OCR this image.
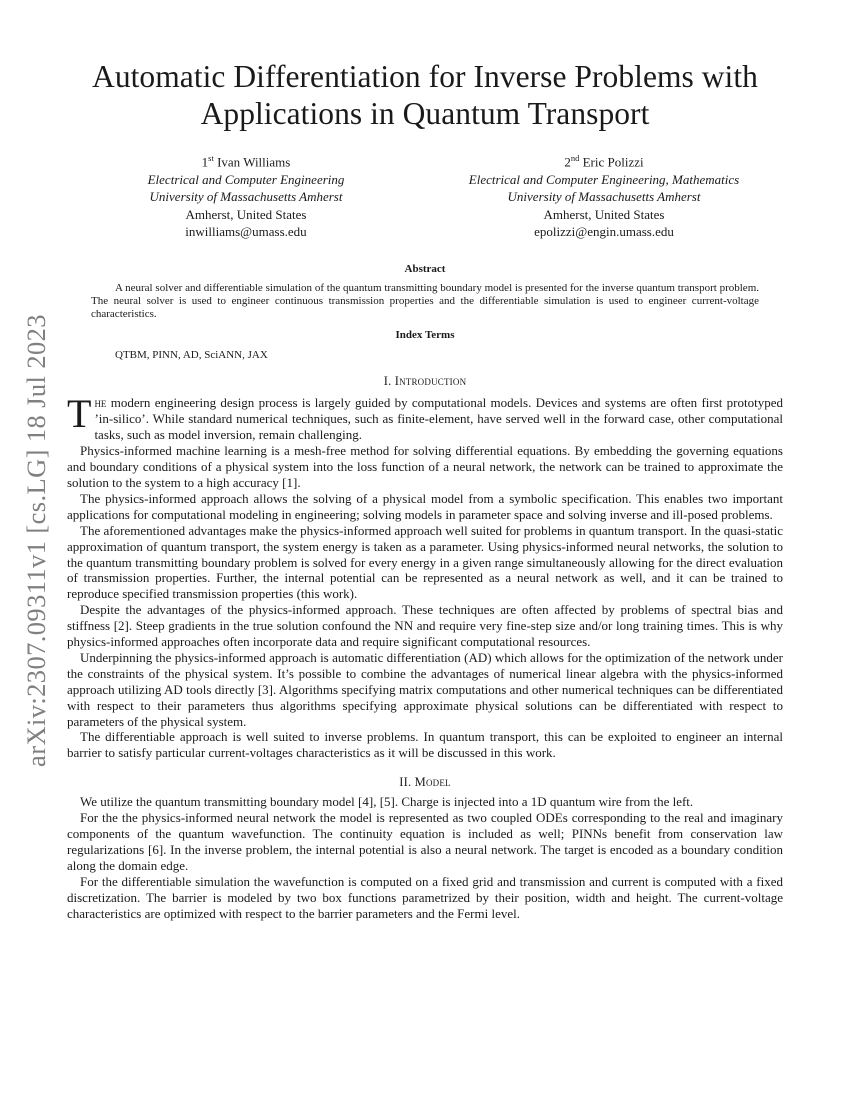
arXiv:2307.09311v1 [cs.LG] 18 Jul 2023
Automatic Differentiation for Inverse Problems with
Applications in Quantum Transport
1st Ivan Williams
Electrical and Computer Engineering
University of Massachusetts Amherst
Amherst, United States
inwilliams@umass.edu
2nd Eric Polizzi
Electrical and Computer Engineering, Mathematics
University of Massachusetts Amherst
Amherst, United States
epolizzi@engin.umass.edu
Abstract

A neural solver and differentiable simulation of the quantum transmitting boundary model is presented for the inverse quantum transport problem. The neural solver is used to engineer continuous transmission properties and the differentiable simulation is used to engineer current-voltage characteristics.

Index Terms
QTBM, PINN, AD, SciANN, JAX
I. Introduction

The modern engineering design process is largely guided by computational models. Devices and systems are often first prototyped ’in-silico’. While standard numerical techniques, such as finite-element, have served well in the forward case, other computational tasks, such as model inversion, remain challenging.

Physics-informed machine learning is a mesh-free method for solving differential equations. By embedding the governing equations and boundary conditions of a physical system into the loss function of a neural network, the network can be trained to approximate the solution to the system to a high accuracy [1].

The physics-informed approach allows the solving of a physical model from a symbolic specification. This enables two important applications for computational modeling in engineering; solving models in parameter space and solving inverse and ill-posed problems.

The aforementioned advantages make the physics-informed approach well suited for problems in quantum transport. In the quasi-static approximation of quantum transport, the system energy is taken as a parameter. Using physics-informed neural networks, the solution to the quantum transmitting boundary problem is solved for every energy in a given range simultaneously allowing for the direct evaluation of transmission properties. Further, the internal potential can be represented as a neural network as well, and it can be trained to reproduce specified transmission properties (this work).

Despite the advantages of the physics-informed approach. These techniques are often affected by problems of spectral bias and stiffness [2]. Steep gradients in the true solution confound the NN and require very fine-step size and/or long training times. This is why physics-informed approaches often incorporate data and require significant computational resources.

Underpinning the physics-informed approach is automatic differentiation (AD) which allows for the optimization of the network under the constraints of the physical system. It’s possible to combine the advantages of numerical linear algebra with the physics-informed approach utilizing AD tools directly [3]. Algorithms specifying matrix computations and other numerical techniques can be differentiated with respect to their parameters thus algorithms specifying approximate physical solutions can be differentiated with respect to parameters of the physical system.

The differentiable approach is well suited to inverse problems. In quantum transport, this can be exploited to engineer an internal barrier to satisfy particular current-voltages characteristics as it will be discussed in this work.

II. Model

We utilize the quantum transmitting boundary model [4], [5]. Charge is injected into a 1D quantum wire from the left.

For the the physics-informed neural network the model is represented as two coupled ODEs corresponding to the real and imaginary components of the quantum wavefunction. The continuity equation is included as well; PINNs benefit from conservation law regularizations [6]. In the inverse problem, the internal potential is also a neural network. The target is encoded as a boundary condition along the domain edge.

For the differentiable simulation the wavefunction is computed on a fixed grid and transmission and current is computed with a fixed discretization. The barrier is modeled by two box functions parametrized by their position, width and height. The current-voltage characteristics are optimized with respect to the barrier parameters and the Fermi level.
